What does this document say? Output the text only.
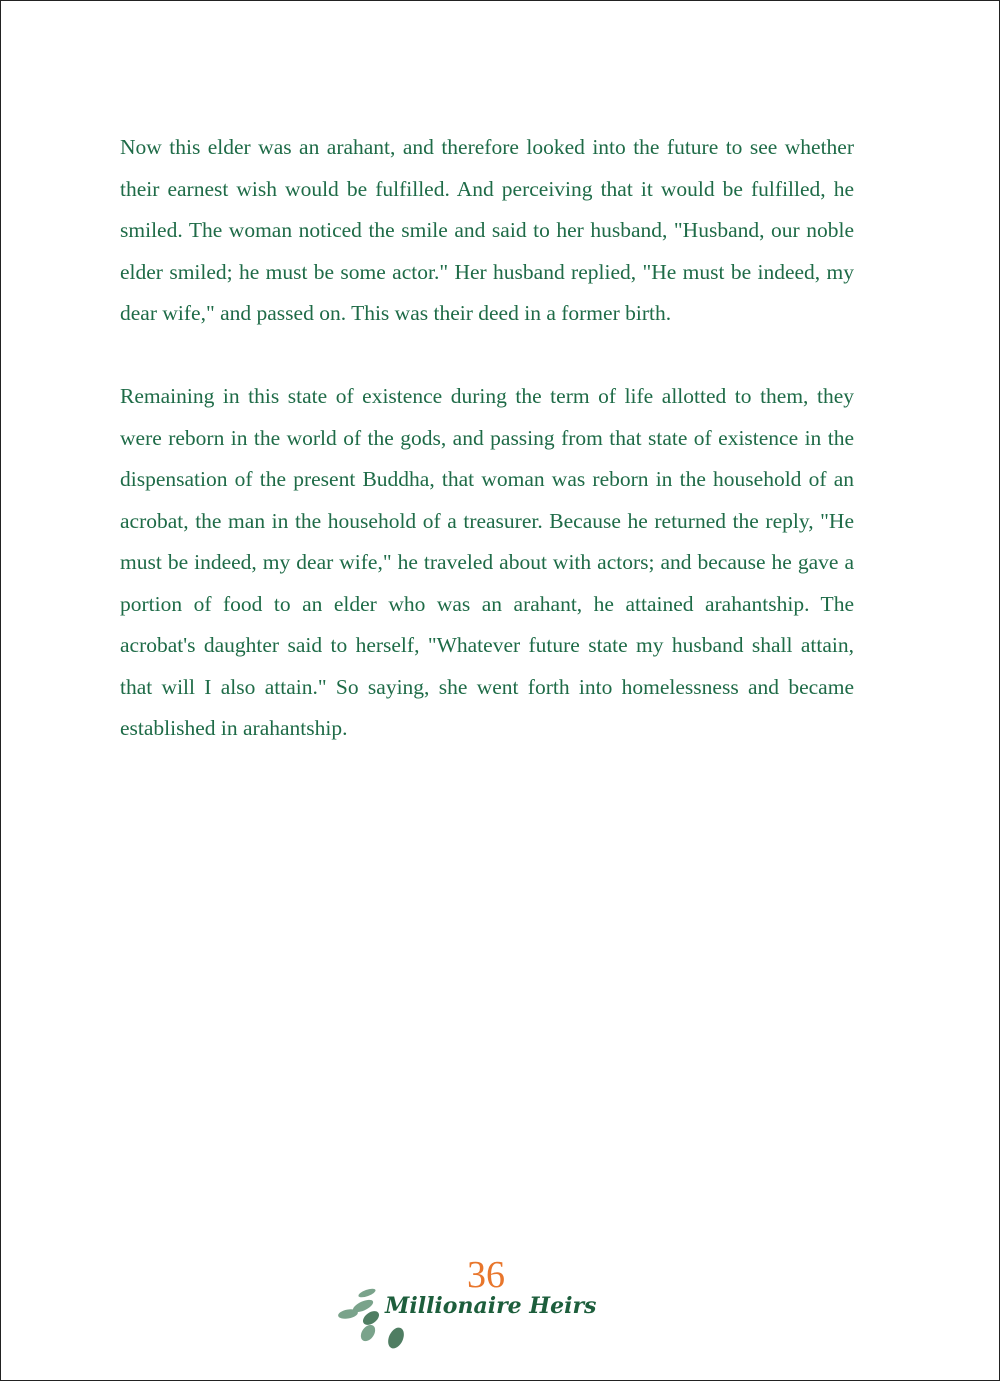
Now this elder was an arahant, and therefore looked into the future to see whether their earnest wish would be fulfilled. And perceiving that it would be fulfilled, he smiled. The woman noticed the smile and said to her husband, "Husband, our noble elder smiled; he must be some actor." Her husband replied, "He must be indeed, my dear wife," and passed on. This was their deed in a former birth.

Remaining in this state of existence during the term of life allotted to them, they were reborn in the world of the gods, and passing from that state of existence in the dispensation of the present Buddha, that woman was reborn in the household of an acrobat, the man in the household of a treasurer. Because he returned the reply, "He must be indeed, my dear wife," he traveled about with actors; and because he gave a portion of food to an elder who was an arahant, he attained arahantship. The acrobat's daughter said to herself, "Whatever future state my husband shall attain, that will I also attain." So saying, she went forth into homelessness and became established in arahantship.

36
Millionaire Heirs
